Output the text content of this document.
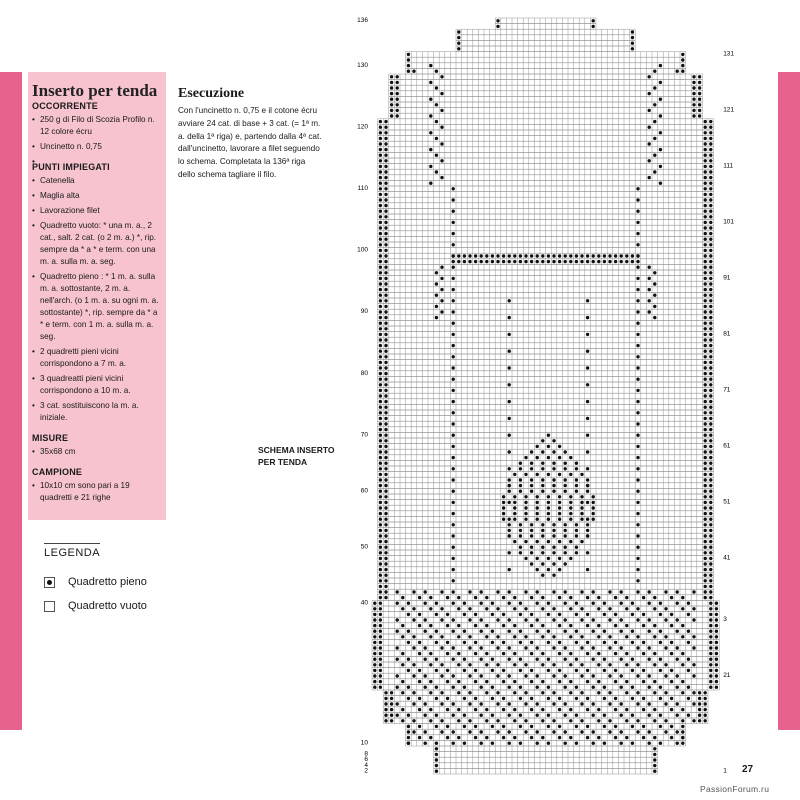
Inserto per tenda
OCCORRENTE
• 250 g di Filo di Scozia Profilo n. 12 colore écru
• Uncinetto n. 0,75
PUNTI IMPIEGATI
• Catenella
• Maglia alta
• Lavorazione filet
• Quadretto vuoto: * una m. a., 2 cat., salt. 2 cat. (o 2 m. a.) *, rip. sempre da * a * e term. con una m. a. sulla m. a. seg.
• Quadretto pieno : * 1 m. a. sulla m. a. sottostante, 2 m. a. nell'arch. (o 1 m. a. su ogni m. a. sottostante) *, rip. sempre da * a * e term. con 1 m. a. sulla m. a. seg.
• 2 quadretti pieni vicini corrispondono a 7 m. a.
• 3 quadreatti pieni vicini corrispondono a 10 m. a.
• 3 cat. sostituiscono la m. a. iniziale.
MISURE
• 35x68 cm
CAMPIONE
• 10x10 cm sono pari a 19 quadretti e 21 righe
LEGENDA
Quadretto pieno
Quadretto vuoto
Esecuzione

Con l'uncinetto n. 0,75 e il cotone écru avviare 24 cat. di base + 3 cat. (= 1ª m. a. della 1ª riga) e, partendo dalla 4ª cat. dall'uncinetto, lavorare a filet seguendo lo schema. Completata la 136ª riga dello schema tagliare il filo.

SCHEMA INSERTO PER TENDA
136
130
120
110
100
90
80
70
60
50
40
10
8
6
4
2
131
121
111
101
91
81
71
61
51
41
3
21
1 27
PassionForum.ru
